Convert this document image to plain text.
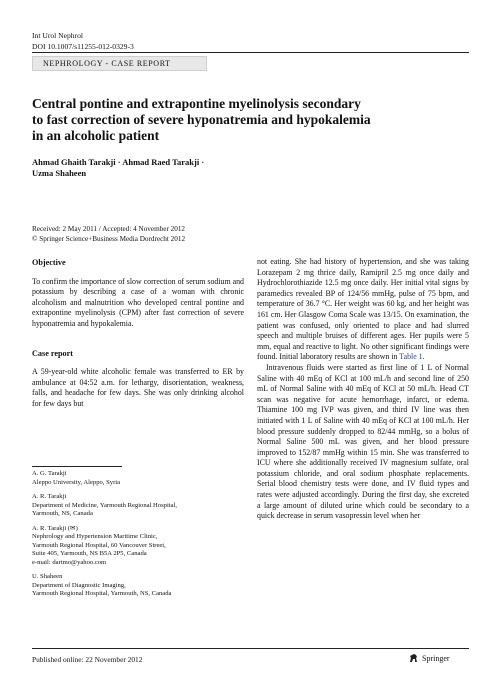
Int Urol Nephrol
DOI 10.1007/s11255-012-0329-3
NEPHROLOGY - CASE REPORT
Central pontine and extrapontine myelinolysis secondary
to fast correction of severe hyponatremia and hypokalemia
in an alcoholic patient
Ahmad Ghaith Tarakji · Ahmad Raed Tarakji ·
Uzma Shaheen
Received: 2 May 2011 / Accepted: 4 November 2012
© Springer Science+Business Media Dordrecht 2012
Objective

To confirm the importance of slow correction of serum sodium and potassium by describing a case of a woman with chronic alcoholism and malnutrition who developed central pontine and extrapontine myelinolysis (CPM) after fast correction of severe hyponatremia and hypokalemia.

Case report

A 59-year-old white alcoholic female was transferred to ER by ambulance at 04:52 a.m. for lethargy, disorientation, weakness, falls, and headache for few days. She was only drinking alcohol for few days but

not eating. She had history of hypertension, and she was taking Lorazepam 2 mg thrice daily, Ramipril 2.5 mg once daily and Hydrochlorothiazide 12.5 mg once daily. Her initial vital signs by paramedics revealed BP of 124/56 mmHg, pulse of 75 bpm, and temperature of 36.7 °C. Her weight was 60 kg, and her height was 161 cm. Her Glasgow Coma Scale was 13/15. On examination, the patient was confused, only oriented to place and had slurred speech and multiple bruises of different ages. Her pupils were 5 mm, equal and reactive to light. No other significant findings were found. Initial laboratory results are shown in Table 1.

Intravenous fluids were started as first line of 1 L of Normal Saline with 40 mEq of KCl at 100 mL/h and second line of 250 mL of Normal Saline with 40 mEq of KCl at 50 mL/h. Head CT scan was negative for acute hemorrhage, infarct, or edema. Thiamine 100 mg IVP was given, and third IV line was then initiated with 1 L of Saline with 40 mEq of KCl at 100 mL/h. Her blood pressure suddenly dropped to 82/44 mmHg, so a bolus of Normal Saline 500 mL was given, and her blood pressure improved to 152/87 mmHg within 15 min. She was transferred to ICU where she additionally received IV magnesium sulfate, oral potassium chloride, and oral sodium phosphate replacements. Serial blood chemistry tests were done, and IV fluid types and rates were adjusted accordingly. During the first day, she excreted a large amount of diluted urine which could be secondary to a quick decrease in serum vasopressin level when her

A. G. Tarakji
Aleppo University, Aleppo, Syria

A. R. Tarakji
Department of Medicine, Yarmouth Regional Hospital,
Yarmouth, NS, Canada

A. R. Tarakji (✉)
Nephrology and Hypertension Maritime Clinic,
Yarmouth Regional Hospital, 60 Vancouver Street,
Suite 405, Yarmouth, NS B5A 2P5, Canada
e-mail: dartmo@yahoo.com

U. Shaheen
Department of Diagnostic Imaging,
Yarmouth Regional Hospital, Yarmouth, NS, Canada

Published online: 22 November 2012	Springer
